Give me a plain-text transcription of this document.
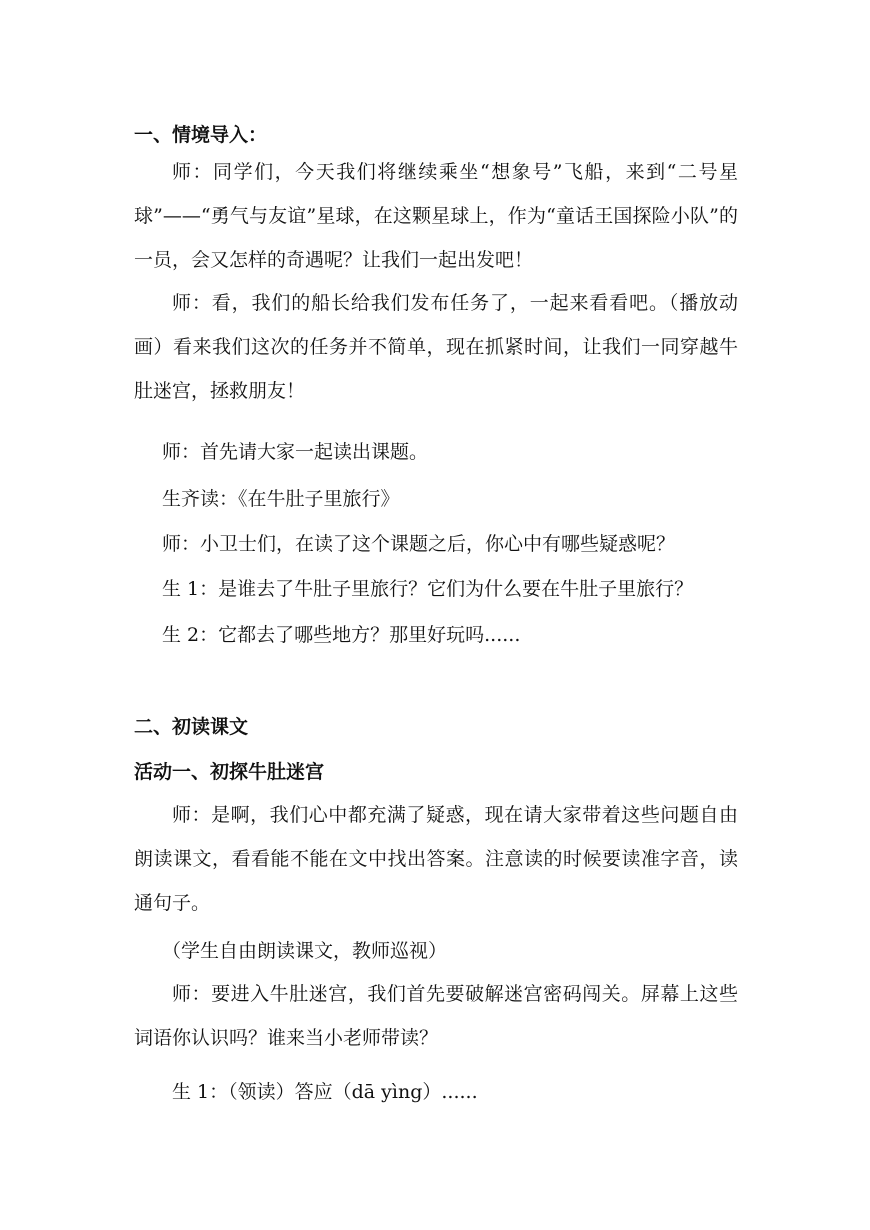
一、情境导入：

师：同学们，今天我们将继续乘坐“想象号”飞船，来到“二号星球”——“勇气与友谊”星球，在这颗星球上，作为“童话王国探险小队”的一员，会又怎样的奇遇呢？让我们一起出发吧！

师：看，我们的船长给我们发布任务了，一起来看看吧。（播放动画）看来我们这次的任务并不简单，现在抓紧时间，让我们一同穿越牛肚迷宫，拯救朋友！

师：首先请大家一起读出课题。
生齐读：《在牛肚子里旅行》
师：小卫士们，在读了这个课题之后，你心中有哪些疑惑呢？
生 1：是谁去了牛肚子里旅行？它们为什么要在牛肚子里旅行？
生 2：它都去了哪些地方？那里好玩吗......
二、初读课文
活动一、初探牛肚迷宫

师：是啊，我们心中都充满了疑惑，现在请大家带着这些问题自由朗读课文，看看能不能在文中找出答案。注意读的时候要读准字音，读通句子。

（学生自由朗读课文，教师巡视）

师：要进入牛肚迷宫，我们首先要破解迷宫密码闯关。屏幕上这些词语你认识吗？谁来当小老师带读？

生 1：（领读）答应（dā yìng）......
